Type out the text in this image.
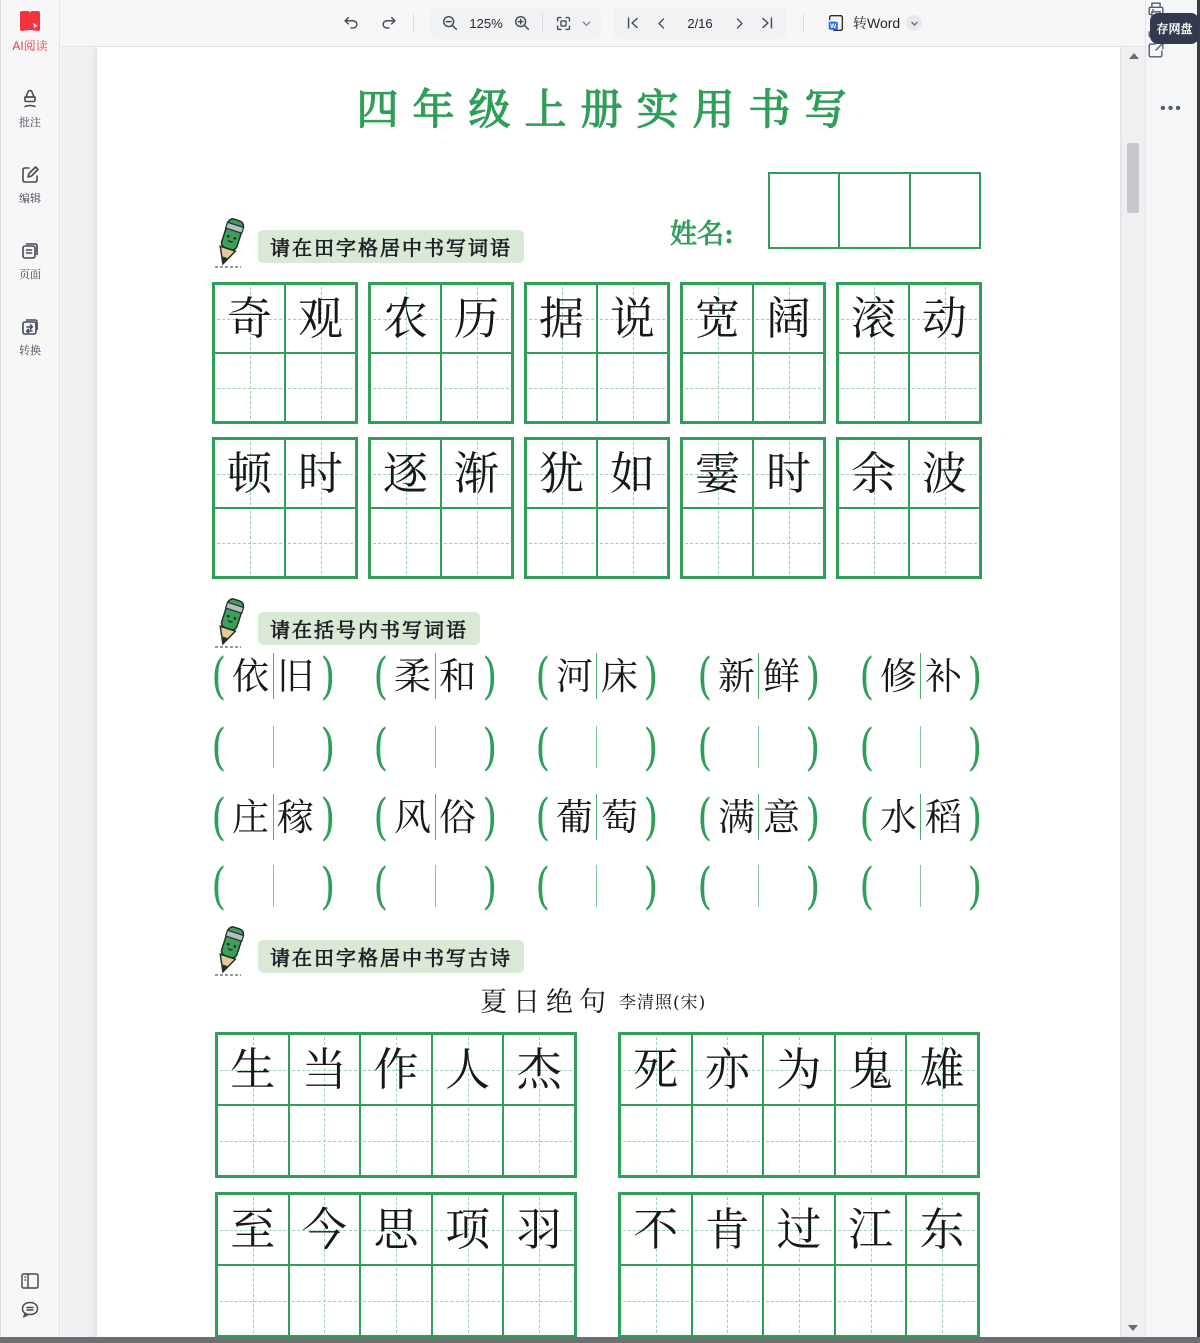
AI阅读
批注
编辑
页面
转换
125%	2/16	W 转Word	存网盘
•••
四年级上册实用书写
姓名:
请在田字格居中书写词语
奇 观 农 历 据 说 宽 阔 滚 动
顿 时 逐 渐 犹 如 霎 时 余 波
请在括号内书写词语
( 依 旧 ) ( 柔 和 ) ( 河 床 ) ( 新 鲜 ) ( 修 补 )
( ) ( ) ( ) ( ) ( )
( 庄 稼 ) ( 风 俗 ) ( 葡 萄 ) ( 满 意 ) ( 水 稻 )
( ) ( ) ( ) ( ) ( )
请在田字格居中书写古诗
夏日绝句 李清照(宋)
生 当 作 人 杰 死 亦 为 鬼 雄
至 今 思 项 羽 不 肯 过 江 东
